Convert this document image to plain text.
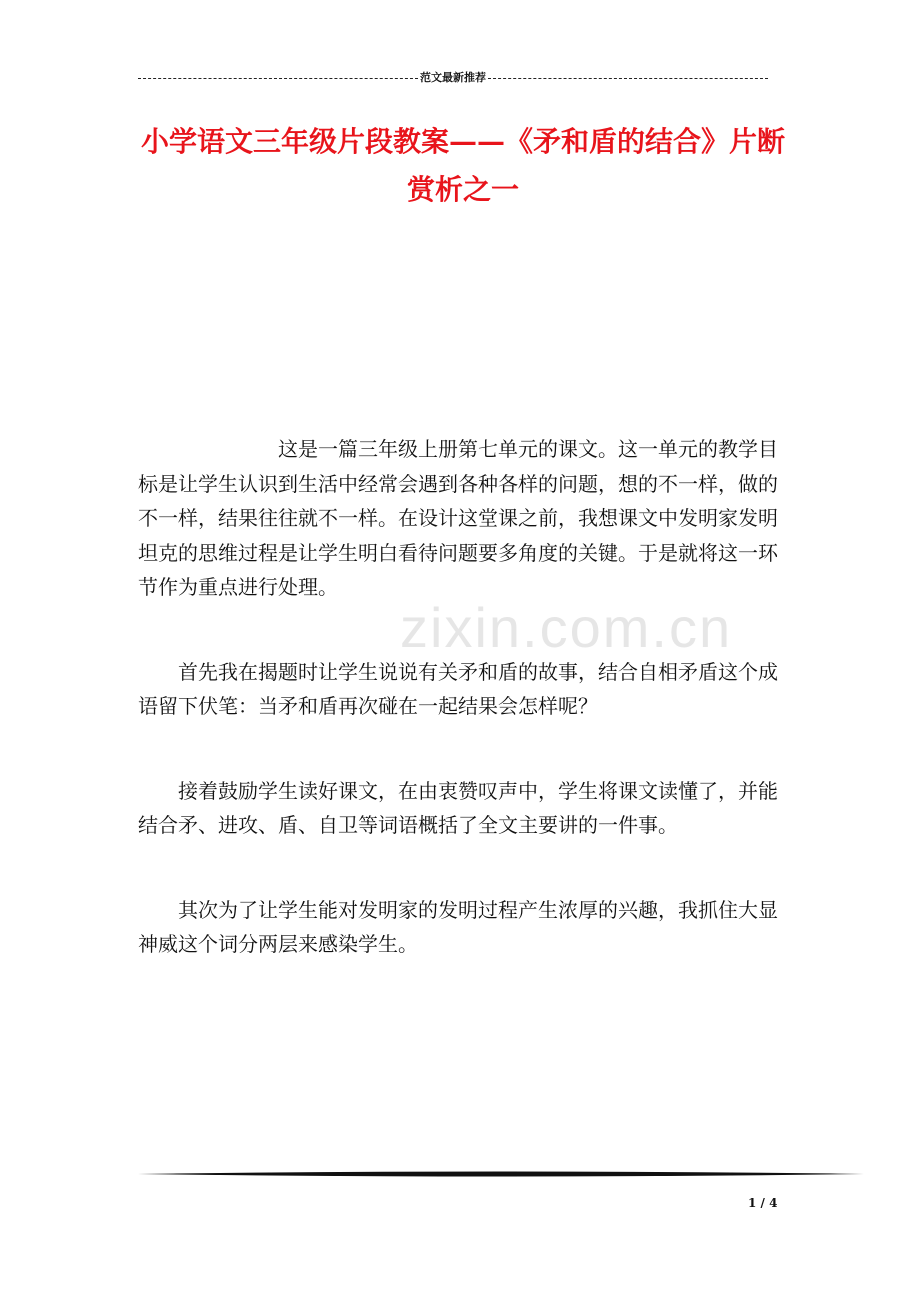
范文最新推荐
小学语文三年级片段教案——《矛和盾的结合》片断
赏析之一
zixin.com.cn

这是一篇三年级上册第七单元的课文。这一单元的教学目标是让学生认识到生活中经常会遇到各种各样的问题，想的不一样，做的不一样，结果往往就不一样。在设计这堂课之前，我想课文中发明家发明坦克的思维过程是让学生明白看待问题要多角度的关键。于是就将这一环节作为重点进行处理。

首先我在揭题时让学生说说有关矛和盾的故事，结合自相矛盾这个成语留下伏笔：当矛和盾再次碰在一起结果会怎样呢？

接着鼓励学生读好课文，在由衷赞叹声中，学生将课文读懂了，并能结合矛、进攻、盾、自卫等词语概括了全文主要讲的一件事。

其次为了让学生能对发明家的发明过程产生浓厚的兴趣，我抓住大显神威这个词分两层来感染学生。

1 / 4
